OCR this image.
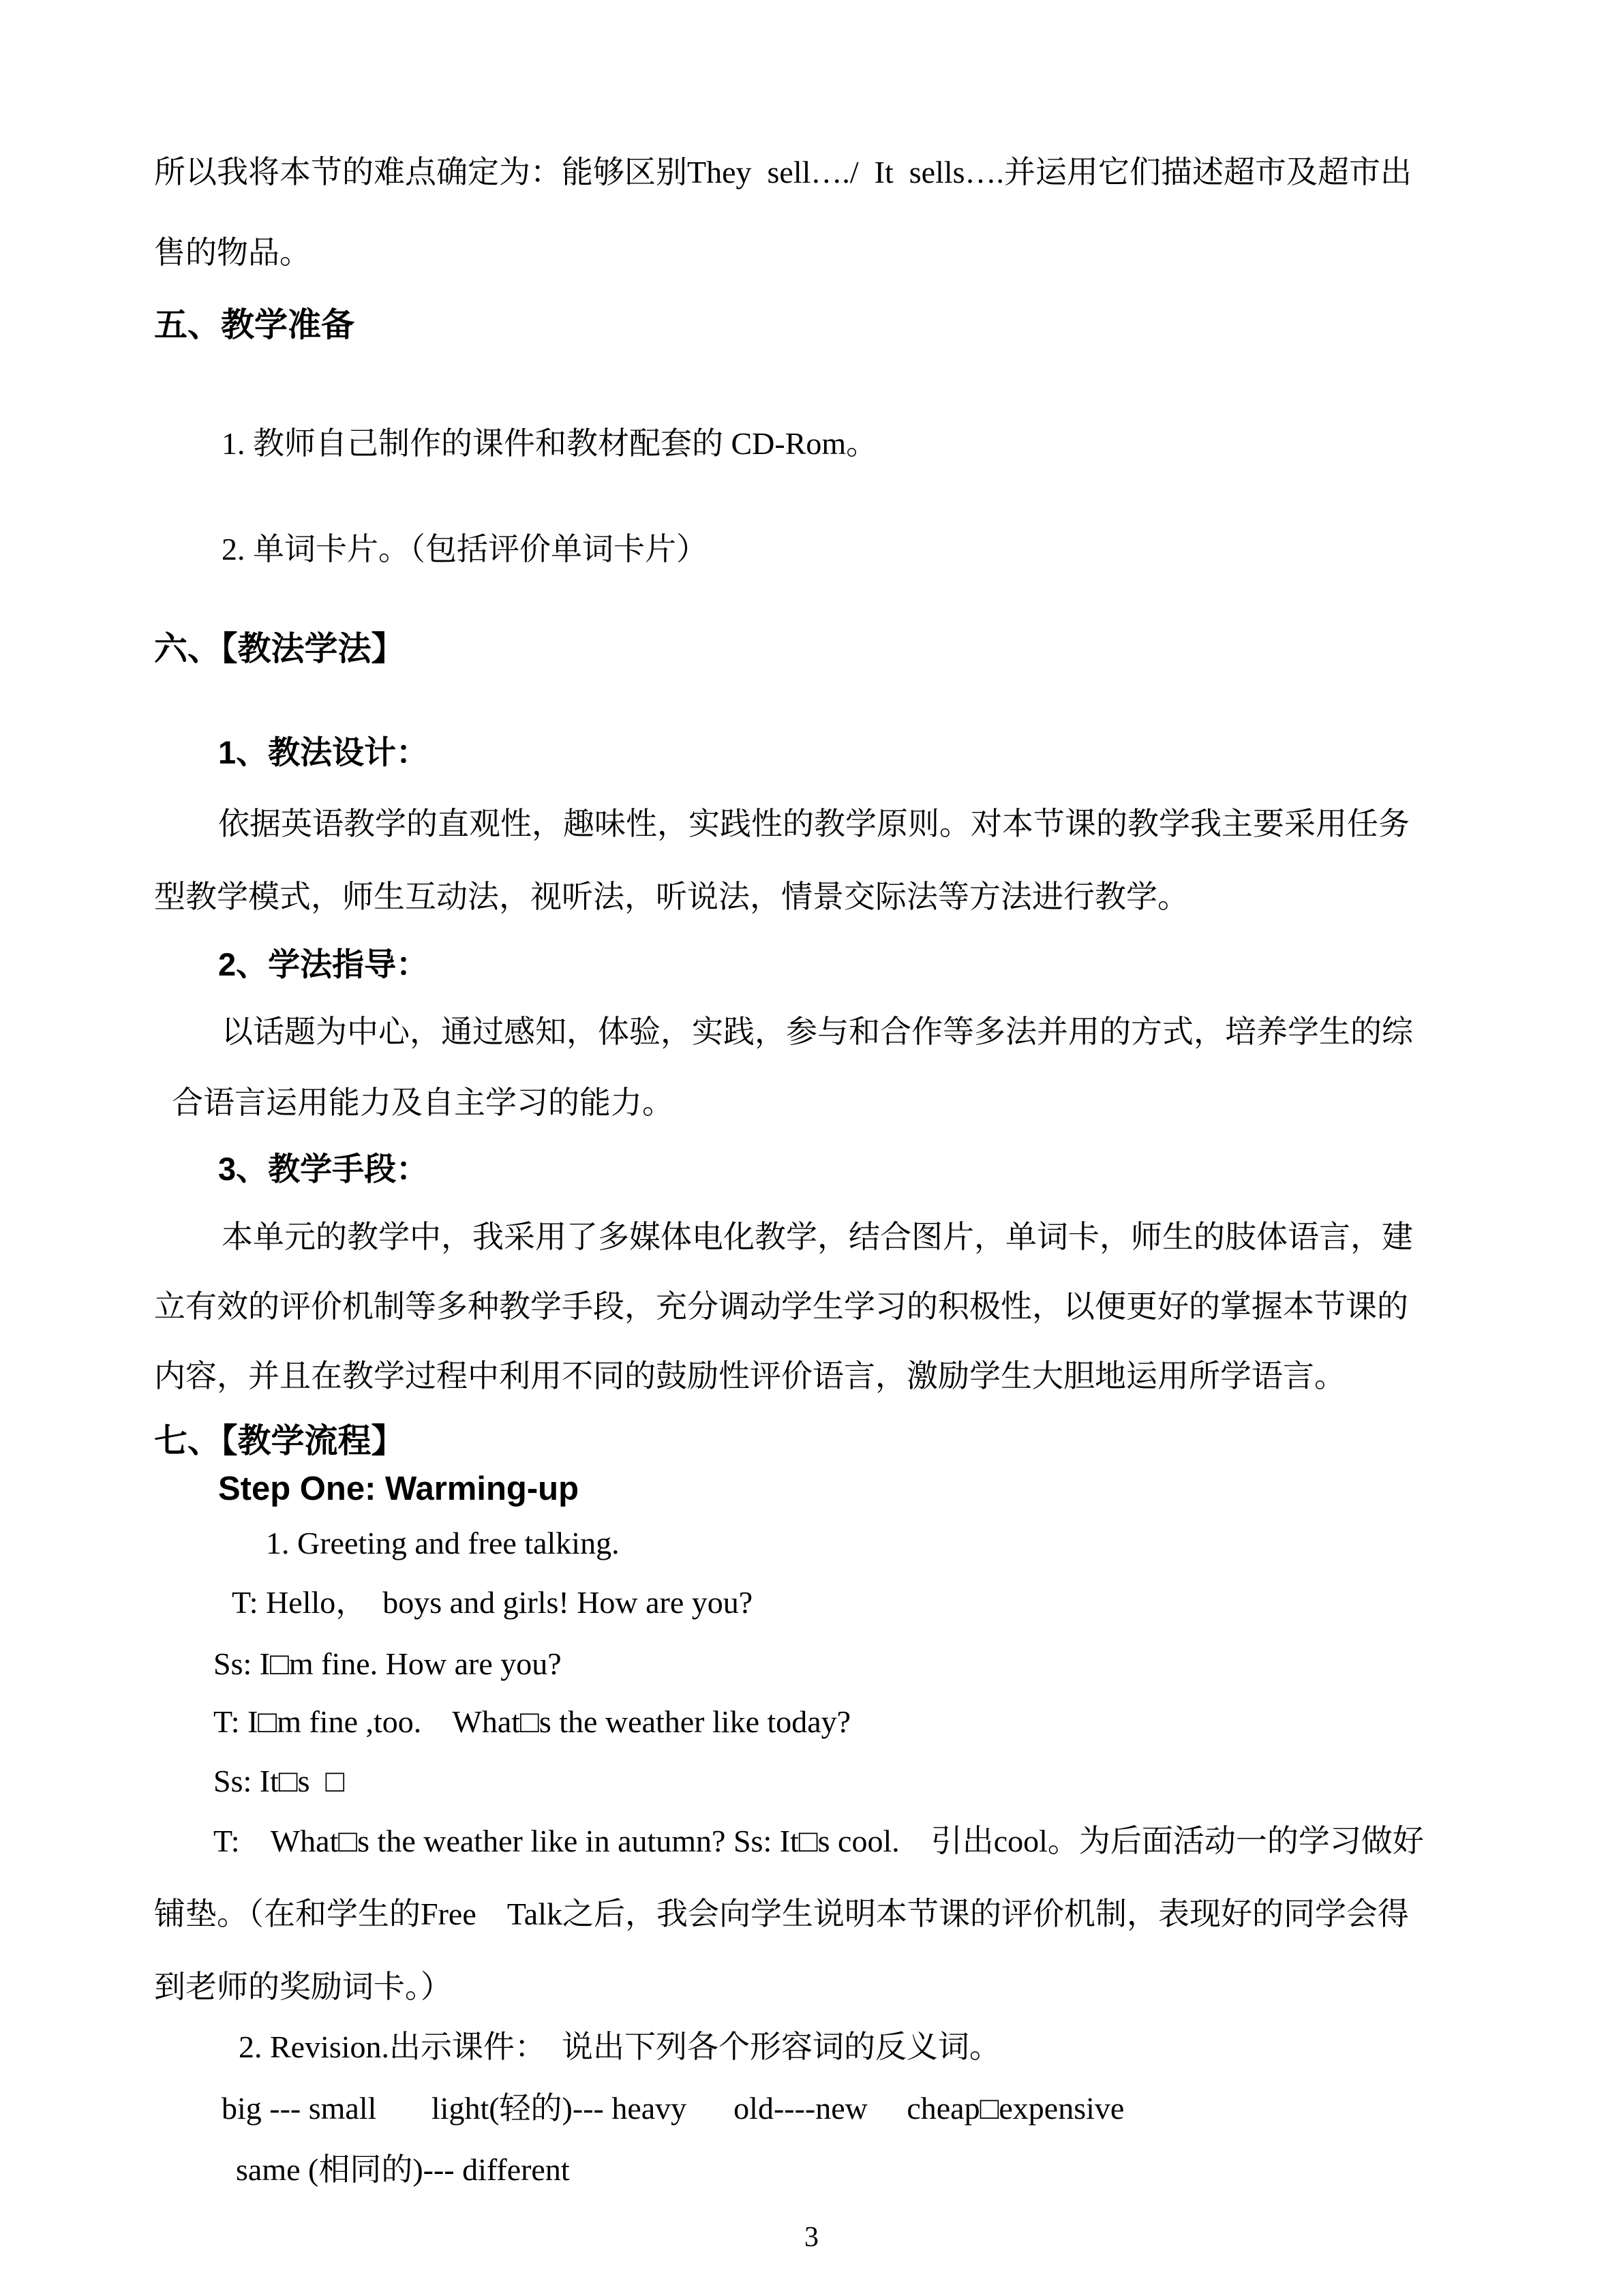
所以我将本节的难点确定为：能够区别They  sell…./  It  sells….并运用它们描述超市及超市出
售的物品。
五、教学准备
1. 教师自己制作的课件和教材配套的 CD-Rom。
2. 单词卡片。（包括评价单词卡片）
六、【教法学法】
1、教法设计：
依据英语教学的直观性，趣味性，实践性的教学原则。对本节课的教学我主要采用任务
型教学模式，师生互动法，视听法，听说法，情景交际法等方法进行教学。
2、学法指导：
以话题为中心，通过感知，体验，实践，参与和合作等多法并用的方式，培养学生的综
合语言运用能力及自主学习的能力。
3、教学手段：
本单元的教学中，我采用了多媒体电化教学，结合图片，单词卡，师生的肢体语言，建
立有效的评价机制等多种教学手段，充分调动学生学习的积极性，以便更好的掌握本节课的
内容，并且在教学过程中利用不同的鼓励性评价语言，激励学生大胆地运用所学语言。
七、【教学流程】
Step One: Warming-up
1. Greeting and free talking.
T: Hello，  boys and girls! How are you?
Ss: I□m fine. How are you?
T: I□m fine ,too.    What□s the weather like today?
Ss: It□s  □
T:    What□s the weather like in autumn? Ss: It□s cool.    引出cool。为后面活动一的学习做好
铺垫。（在和学生的Free    Talk之后，我会向学生说明本节课的评价机制，表现好的同学会得
到老师的奖励词卡。）
2. Revision.出示课件：  说出下列各个形容词的反义词。
big --- small       light(轻的)--- heavy      old----new     cheap□expensive
same (相同的)--- different
3
